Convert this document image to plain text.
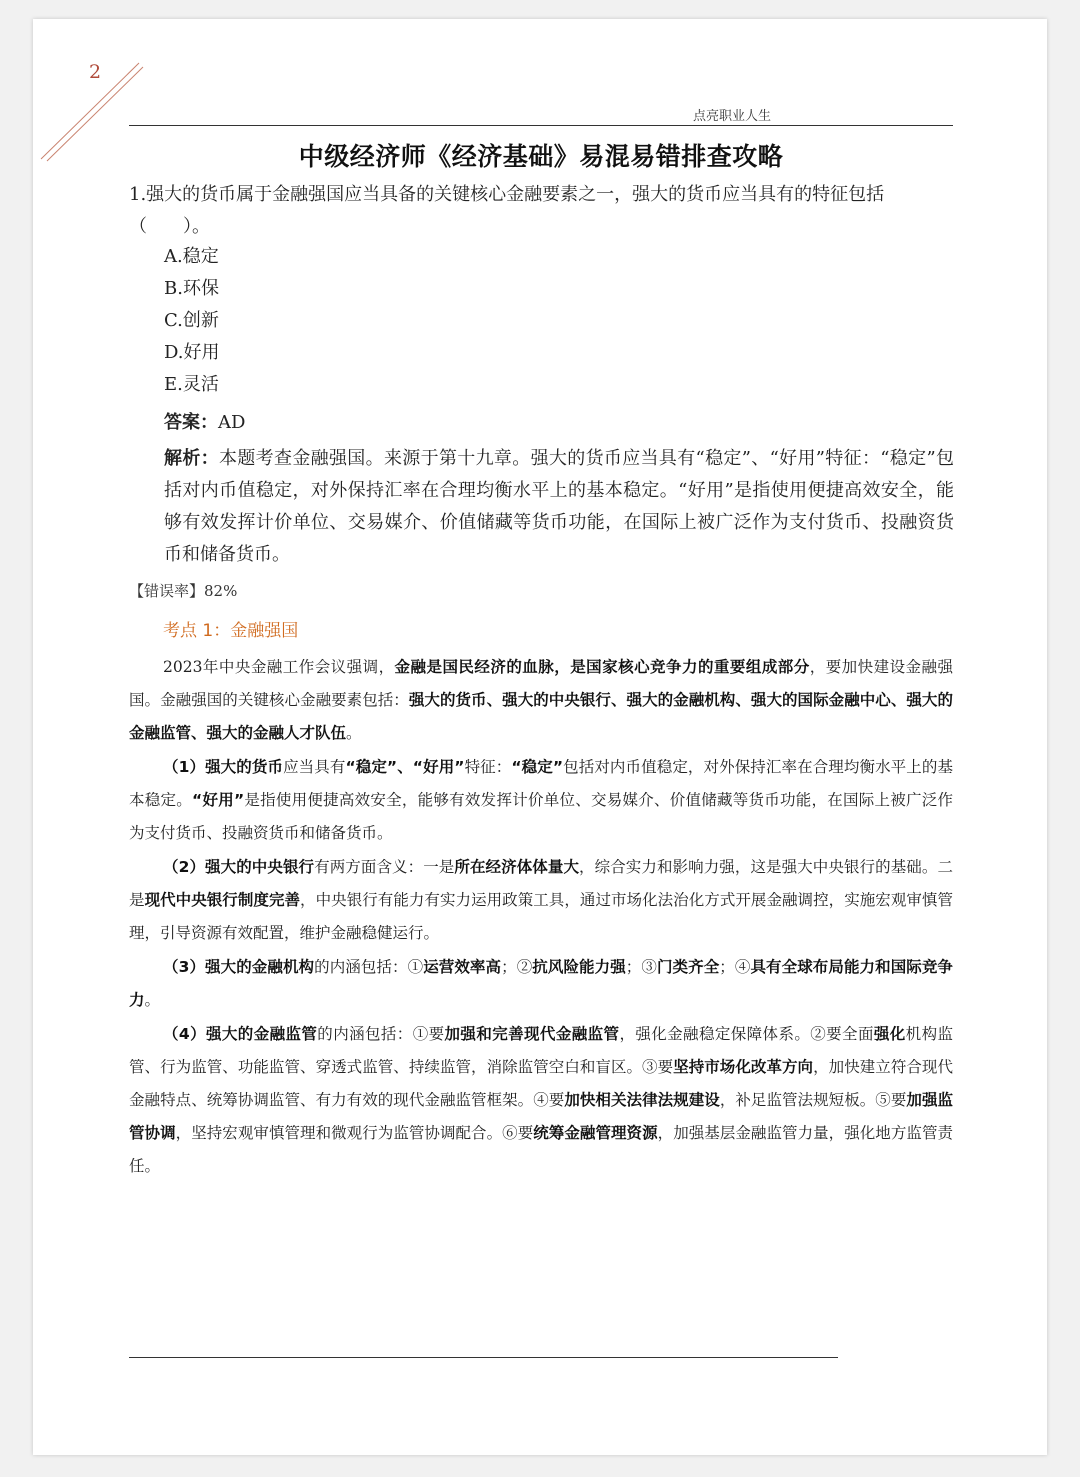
2
点亮职业人生
中级经济师《经济基础》易混易错排查攻略
1.强大的货币属于金融强国应当具备的关键核心金融要素之一，强大的货币应当具有的特征包括（　　）。
A.稳定
B.环保
C.创新
D.好用
E.灵活
答案：AD
解析：本题考查金融强国。来源于第十九章。强大的货币应当具有“稳定”、“好用”特征：“稳定”包括对内币值稳定，对外保持汇率在合理均衡水平上的基本稳定。“好用”是指使用便捷高效安全，能够有效发挥计价单位、交易媒介、价值储藏等货币功能，在国际上被广泛作为支付货币、投融资货币和储备货币。
【错误率】82%
考点 1：金融强国
2023年中央金融工作会议强调，金融是国民经济的血脉，是国家核心竞争力的重要组成部分，要加快建设金融强国。金融强国的关键核心金融要素包括：强大的货币、强大的中央银行、强大的金融机构、强大的国际金融中心、强大的金融监管、强大的金融人才队伍。
（1）强大的货币应当具有“稳定”、“好用”特征：“稳定”包括对内币值稳定，对外保持汇率在合理均衡水平上的基本稳定。“好用”是指使用便捷高效安全，能够有效发挥计价单位、交易媒介、价值储藏等货币功能，在国际上被广泛作为支付货币、投融资货币和储备货币。
（2）强大的中央银行有两方面含义：一是所在经济体体量大，综合实力和影响力强，这是强大中央银行的基础。二是现代中央银行制度完善，中央银行有能力有实力运用政策工具，通过市场化法治化方式开展金融调控，实施宏观审慎管理，引导资源有效配置，维护金融稳健运行。
（3）强大的金融机构的内涵包括：①运营效率高；②抗风险能力强；③门类齐全；④具有全球布局能力和国际竞争力。
（4）强大的金融监管的内涵包括：①要加强和完善现代金融监管，强化金融稳定保障体系。②要全面强化机构监管、行为监管、功能监管、穿透式监管、持续监管，消除监管空白和盲区。③要坚持市场化改革方向，加快建立符合现代金融特点、统筹协调监管、有力有效的现代金融监管框架。④要加快相关法律法规建设，补足监管法规短板。⑤要加强监管协调，坚持宏观审慎管理和微观行为监管协调配合。⑥要统筹金融管理资源，加强基层金融监管力量，强化地方监管责任。
